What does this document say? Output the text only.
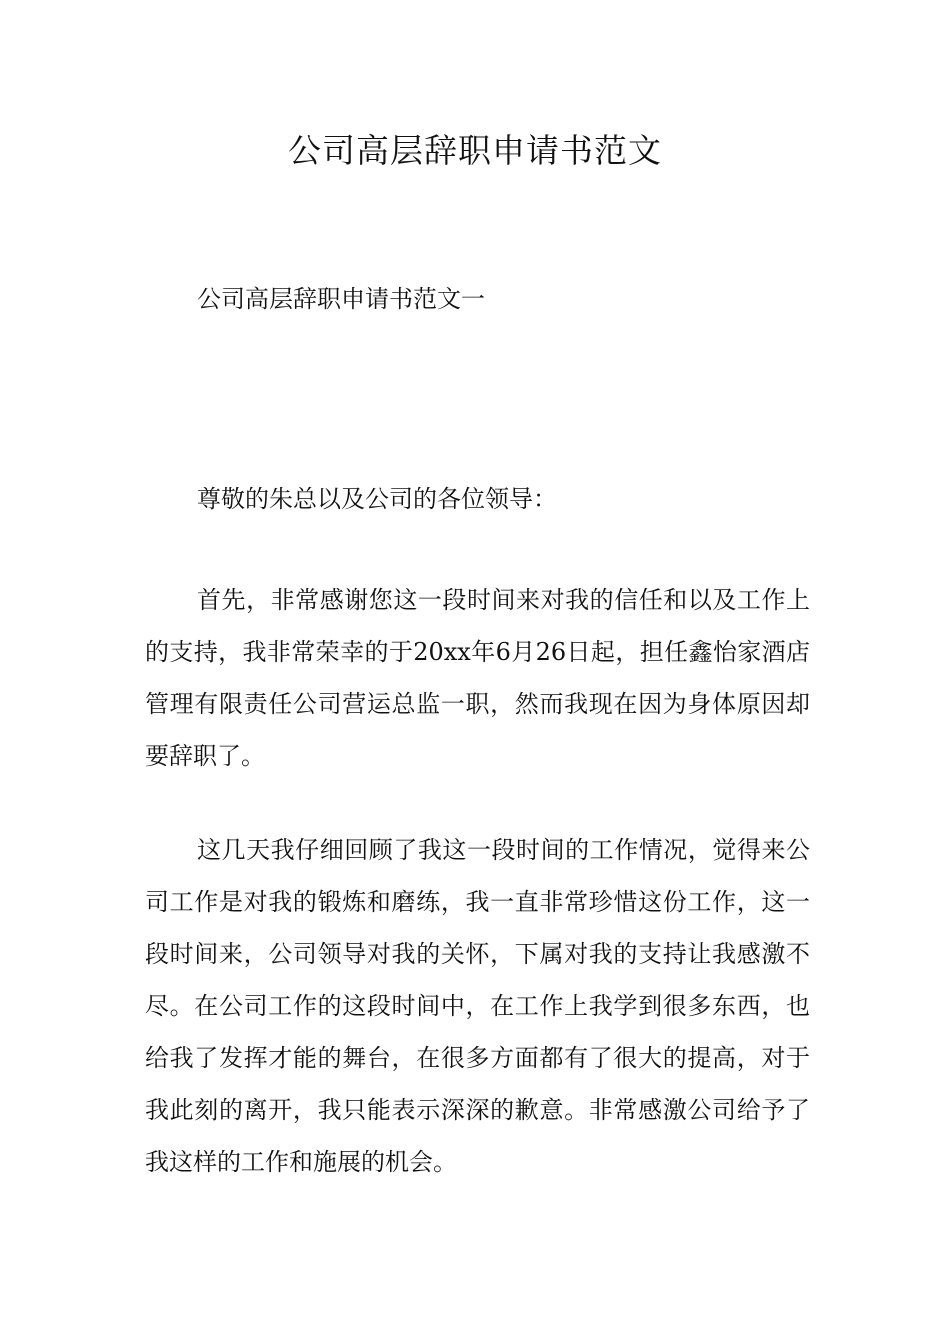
公司高层辞职申请书范文

公司高层辞职申请书范文一

尊敬的朱总以及公司的各位领导：

首先，非常感谢您这一段时间来对我的信任和以及工作上的支持，我非常荣幸的于20xx年6月26日起，担任鑫怡家酒店管理有限责任公司营运总监一职，然而我现在因为身体原因却要辞职了。

这几天我仔细回顾了我这一段时间的工作情况，觉得来公司工作是对我的锻炼和磨练，我一直非常珍惜这份工作，这一段时间来，公司领导对我的关怀，下属对我的支持让我感激不尽。在公司工作的这段时间中，在工作上我学到很多东西，也给我了发挥才能的舞台，在很多方面都有了很大的提高，对于我此刻的离开，我只能表示深深的歉意。非常感激公司给予了我这样的工作和施展的机会。
